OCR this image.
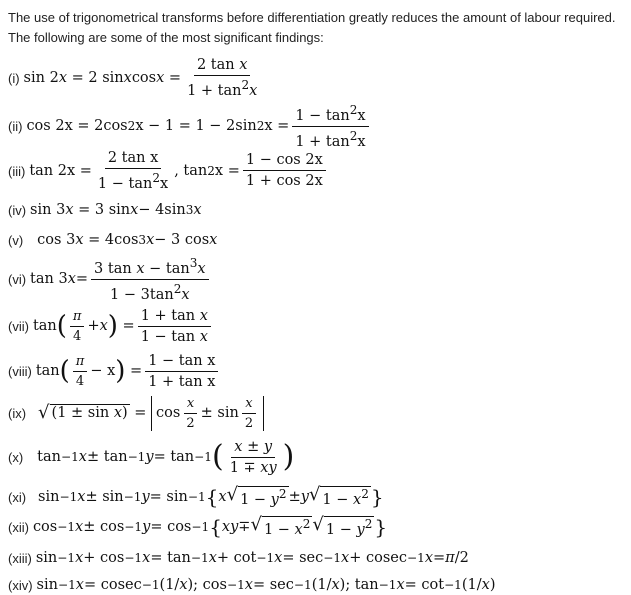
The use of trigonometrical transforms before differentiation greatly reduces the amount of labour required.
The following are some of the most significant findings:
(i) sin 2 x = 2 sin x $\cos x = \frac{\text{2 tan x}}{1 + \tan^2x}$
(ii) cos 2x = 2cos 2 x − 1 = 1 − 2sin 2 $x = \frac{1 - \tan^2x}{1 + \tan^2x}$
(iii) $\tan 2x = \frac{\text{2 tan x}}{1 - \tan^2x}$ , tan 2 $x = \frac{1 - \cos 2x}{1 + \cos 2x}$
(iv) sin 3 x = 3 sin x − 4sin 3 x
(v) cos 3 x = 4cos 3 x − 3 cos x
(vi) tan 3 $x = \frac{3 \tan x - \tan^3x}{1 - 3\tan^2x}$
(vii) tan ( $\frac{\pi}{4} + x$ ) = $\frac{\text{1 + tan x}}{\text{1 − tan x}}$
(viii) tan ( $\frac{\pi}{4} - x$ ) = $\frac{\text{1 − tan x}}{\text{1 + tan x}}$
(ix) √ $(1 \pm \sin x) = \cos \frac{x}{2} \pm \sin \frac{x}{2}$
(x) tan −1 x ± tan −1 y = tan −1 ( $\frac{x \pm y}{1 \mp xy}$ )
(xi) sin −1 x ± sin −1 y = sin −1 { x √ $1 - y^2 \pm y$ √ $1 - x^2$ }
(xii) cos −1 x ± cos −1 y = cos −1 { xy ∓ √ $1 - x^2$ √ $1 - y^2$ }
(xiii) sin −1 x + cos −1 x = tan −1 x + cot −1 x = sec −1 x + cosec −1 x = π /2
(xiv) sin −1 x = cosec −1 (1/ x ); cos −1 x = sec −1 (1/ x ); tan −1 x = cot −1 (1/ x )
